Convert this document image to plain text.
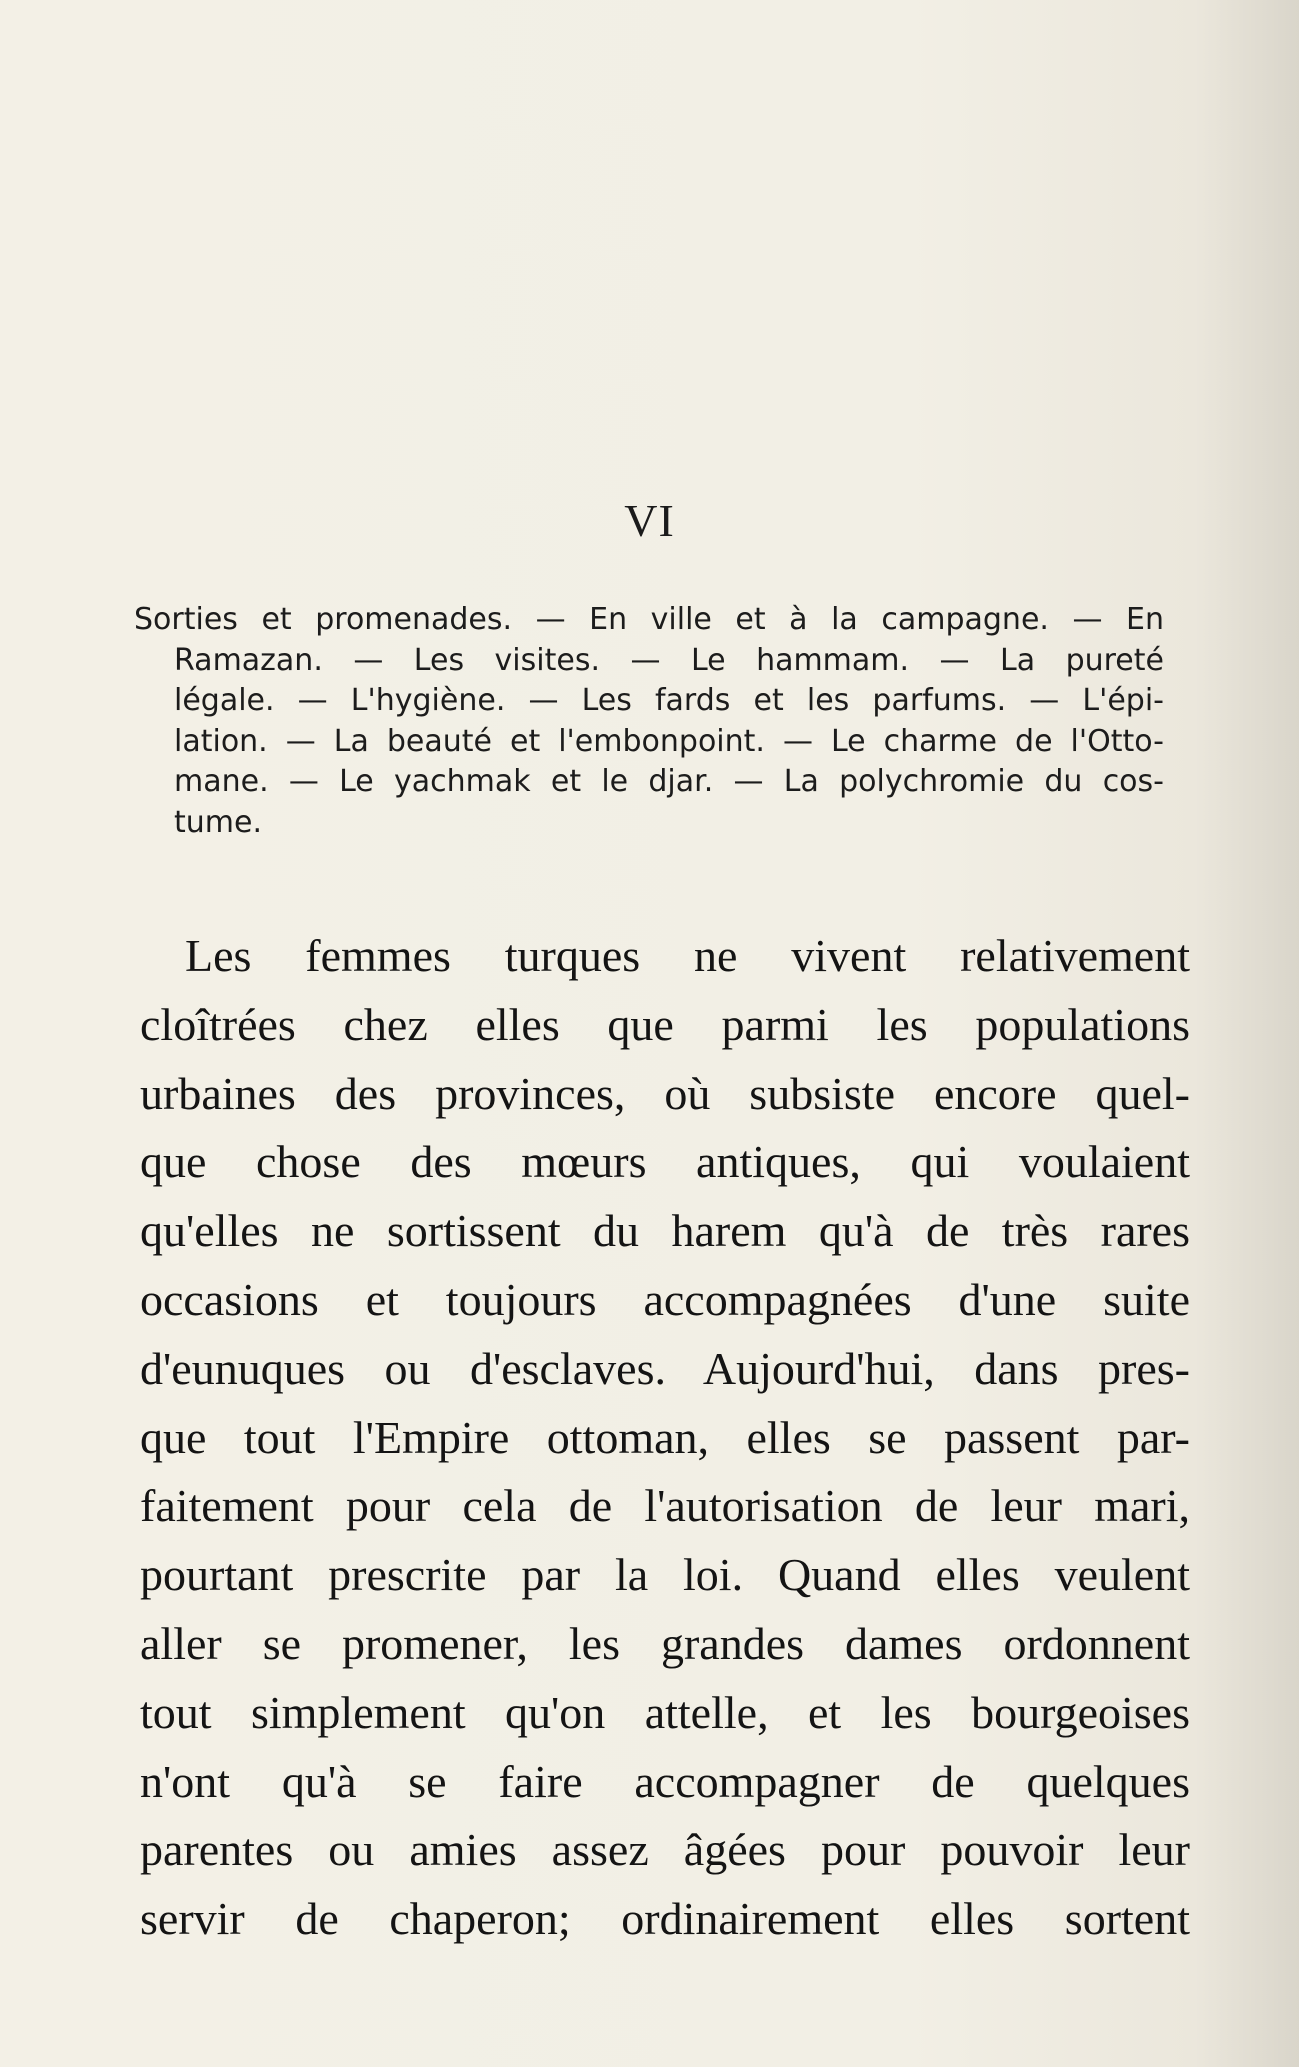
VI
Sorties et promenades. — En ville et à la campagne. — En
Ramazan. — Les visites. — Le hammam. — La pureté
légale. — L'hygiène. — Les fards et les parfums. — L'épi-
lation. — La beauté et l'embonpoint. — Le charme de l'Otto-
mane. — Le yachmak et le djar. — La polychromie du cos-
tume.
Les femmes turques ne vivent relativement
cloîtrées chez elles que parmi les populations
urbaines des provinces, où subsiste encore quel-
que chose des mœurs antiques, qui voulaient
qu'elles ne sortissent du harem qu'à de très rares
occasions et toujours accompagnées d'une suite
d'eunuques ou d'esclaves. Aujourd'hui, dans pres-
que tout l'Empire ottoman, elles se passent par-
faitement pour cela de l'autorisation de leur mari,
pourtant prescrite par la loi. Quand elles veulent
aller se promener, les grandes dames ordonnent
tout simplement qu'on attelle, et les bourgeoises
n'ont qu'à se faire accompagner de quelques
parentes ou amies assez âgées pour pouvoir leur
servir de chaperon; ordinairement elles sortent
